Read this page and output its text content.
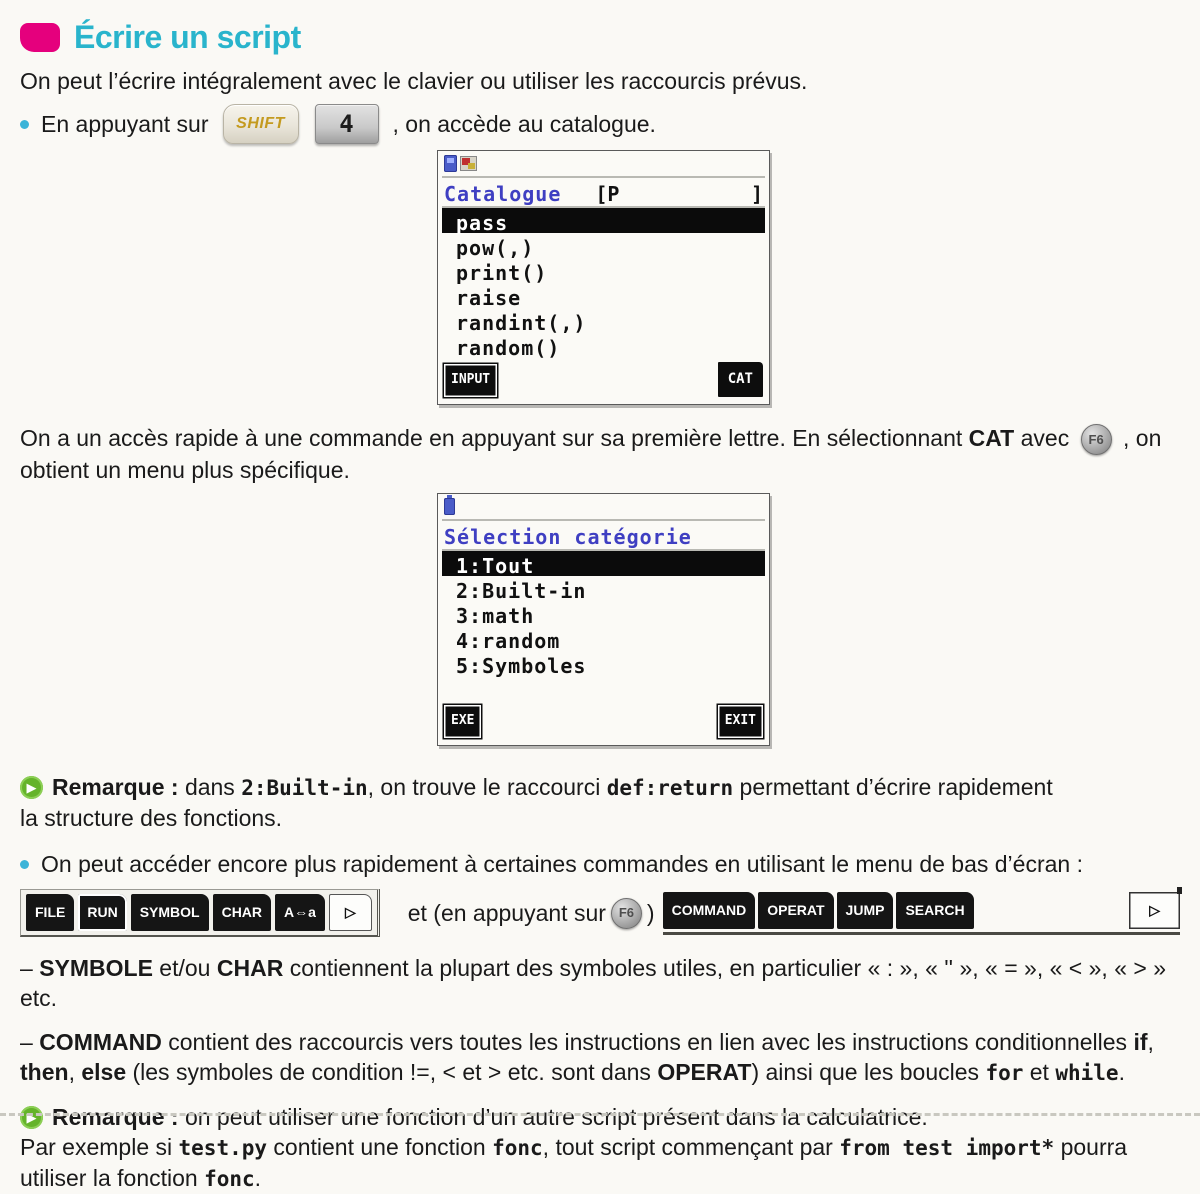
Écrire un script

On peut l’écrire intégralement avec le clavier ou utiliser les raccourcis prévus.

En appuyant sur	SHIFT	4	, on accède au catalogue.
Catalogue [P	]
pass
pow(,)
print()
raise
randint(,)
random()
INPUT	CAT

On a un accès rapide à une commande en appuyant sur sa première lettre. En sélectionnant CAT avec F6 , on obtient un menu plus spécifique.

Sélection catégorie
1:Tout
2:Built-in
3:math
4:random
5:Symboles
EXE	EXIT
▶ Remarque : dans 2:Built-in, on trouve le raccourci def:return permettant d’écrire rapidement

la structure des fonctions.

On peut accéder encore plus rapidement à certaines commandes en utilisant le menu de bas d’écran :
FILE	RUN	SYMBOL	CHAR	A⇔a	▷	et (en appuyant sur F6 )	COMMAND	OPERAT	JUMP	SEARCH	▷

– SYMBOLE et/ou CHAR contiennent la plupart des symboles utiles, en particulier « : », « '' », « = », « < », « > » etc.

– COMMAND contient des raccourcis vers toutes les instructions en lien avec les instructions conditionnelles if, then, else (les symboles de condition !=, < et > etc. sont dans OPERAT) ainsi que les boucles for et while.

▶ Remarque : on peut utiliser une fonction d’un autre script présent dans la calculatrice.

Par exemple si test.py contient une fonction fonc, tout script commençant par from test import* pourra utiliser la fonction fonc.
